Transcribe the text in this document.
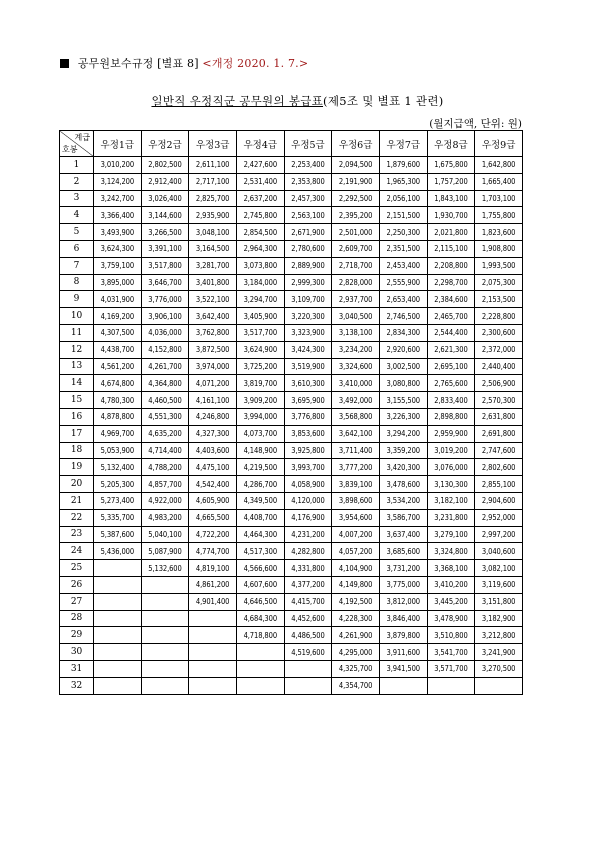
공무원보수규정 [별표 8] <개정 2020. 1. 7.>
일반직 우정직군 공무원의 봉급표(제5조 및 별표 1 관련)
(월지급액, 단위: 원)
계급
호봉	우정1급	우정2급	우정3급	우정4급	우정5급	우정6급	우정7급	우정8급	우정9급
1	3,010,200	2,802,500	2,611,100	2,427,600	2,253,400	2,094,500	1,879,600	1,675,800	1,642,800
2	3,124,200	2,912,400	2,717,100	2,531,400	2,353,800	2,191,900	1,965,300	1,757,200	1,665,400
3	3,242,700	3,026,400	2,825,700	2,637,200	2,457,300	2,292,500	2,056,100	1,843,100	1,703,100
4	3,366,400	3,144,600	2,935,900	2,745,800	2,563,100	2,395,200	2,151,500	1,930,700	1,755,800
5	3,493,900	3,266,500	3,048,100	2,854,500	2,671,900	2,501,000	2,250,300	2,021,800	1,823,600
6	3,624,300	3,391,100	3,164,500	2,964,300	2,780,600	2,609,700	2,351,500	2,115,100	1,908,800
7	3,759,100	3,517,800	3,281,700	3,073,800	2,889,900	2,718,700	2,453,400	2,208,800	1,993,500
8	3,895,000	3,646,700	3,401,800	3,184,000	2,999,300	2,828,000	2,555,900	2,298,700	2,075,300
9	4,031,900	3,776,000	3,522,100	3,294,700	3,109,700	2,937,700	2,653,400	2,384,600	2,153,500
10	4,169,200	3,906,100	3,642,400	3,405,900	3,220,300	3,040,500	2,746,500	2,465,700	2,228,800
11	4,307,500	4,036,000	3,762,800	3,517,700	3,323,900	3,138,100	2,834,300	2,544,400	2,300,600
12	4,438,700	4,152,800	3,872,500	3,624,900	3,424,300	3,234,200	2,920,600	2,621,300	2,372,000
13	4,561,200	4,261,700	3,974,000	3,725,200	3,519,900	3,324,600	3,002,500	2,695,100	2,440,400
14	4,674,800	4,364,800	4,071,200	3,819,700	3,610,300	3,410,000	3,080,800	2,765,600	2,506,900
15	4,780,300	4,460,500	4,161,100	3,909,200	3,695,900	3,492,000	3,155,500	2,833,400	2,570,300
16	4,878,800	4,551,300	4,246,800	3,994,000	3,776,800	3,568,800	3,226,300	2,898,800	2,631,800
17	4,969,700	4,635,200	4,327,300	4,073,700	3,853,600	3,642,100	3,294,200	2,959,900	2,691,800
18	5,053,900	4,714,400	4,403,600	4,148,900	3,925,800	3,711,400	3,359,200	3,019,200	2,747,600
19	5,132,400	4,788,200	4,475,100	4,219,500	3,993,700	3,777,200	3,420,300	3,076,000	2,802,600
20	5,205,300	4,857,700	4,542,400	4,286,700	4,058,900	3,839,100	3,478,600	3,130,300	2,855,100
21	5,273,400	4,922,000	4,605,900	4,349,500	4,120,000	3,898,600	3,534,200	3,182,100	2,904,600
22	5,335,700	4,983,200	4,665,500	4,408,700	4,176,900	3,954,600	3,586,700	3,231,800	2,952,000
23	5,387,600	5,040,100	4,722,200	4,464,300	4,231,200	4,007,200	3,637,400	3,279,100	2,997,200
24	5,436,000	5,087,900	4,774,700	4,517,300	4,282,800	4,057,200	3,685,600	3,324,800	3,040,600
25		5,132,600	4,819,100	4,566,600	4,331,800	4,104,900	3,731,200	3,368,100	3,082,100
26			4,861,200	4,607,600	4,377,200	4,149,800	3,775,000	3,410,200	3,119,600
27			4,901,400	4,646,500	4,415,700	4,192,500	3,812,000	3,445,200	3,151,800
28				4,684,300	4,452,600	4,228,300	3,846,400	3,478,900	3,182,900
29				4,718,800	4,486,500	4,261,900	3,879,800	3,510,800	3,212,800
30					4,519,600	4,295,000	3,911,600	3,541,700	3,241,900
31						4,325,700	3,941,500	3,571,700	3,270,500
32						4,354,700			
